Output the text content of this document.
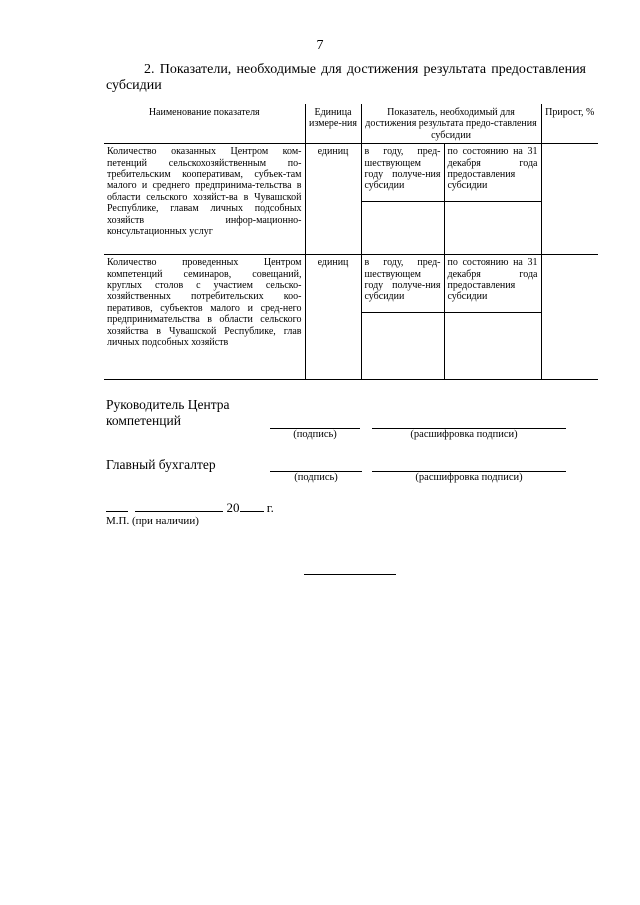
7
2. Показатели, необходимые для достижения результата предоставления субсидии
Наименование показателя	Единица измере-ния	Показатель, необходимый для достижения результата предо-ставления субсидии		Прирост, %
Количество оказанных Центром ком-петенций сельскохозяйственным по-требительским кооперативам, субъек-там малого и среднего предпринима-тельства в области сельского хозяйст-ва в Чувашской Республике, главам личных подсобных хозяйств инфор-мационно-консультационных услуг	единиц	в году, пред-шествующем году получе-ния субсидии	по состоянию на 31 декабря года предоставления субсидии	

Количество проведенных Центром компетенций семинаров, совещаний, круглых столов с участием сельско-хозяйственных потребительских коо-перативов, субъектов малого и сред-него предпринимательства в области сельского хозяйства в Чувашской Республике, глав личных подсобных хозяйств	единиц	в году, пред-шествующем году получе-ния субсидии	по состоянию на 31 декабря года предоставления субсидии	

Руководитель Центра компетенций
(подпись)	(расшифровка подписи)
Главный бухгалтер
(подпись)	(расшифровка подписи)
20 г.
М.П. (при наличии)
